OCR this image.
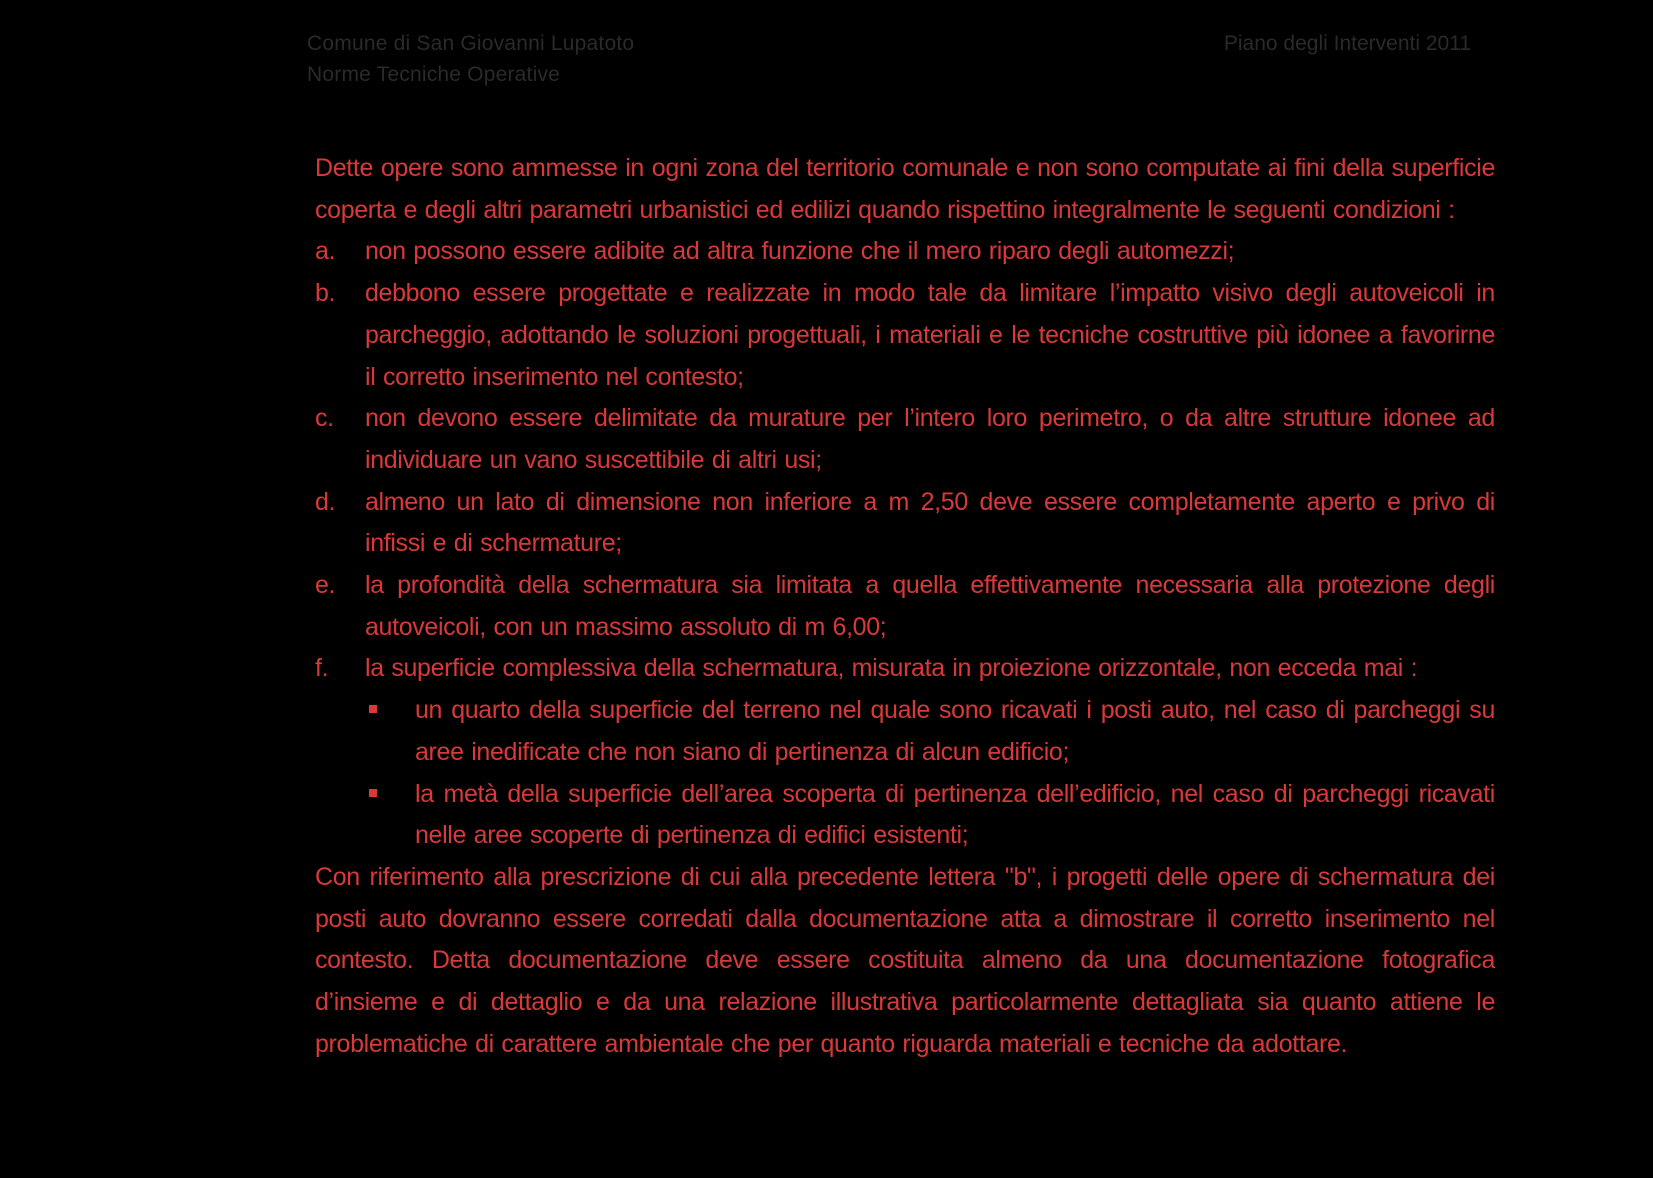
Comune di San Giovanni Lupatoto
Norme Tecniche Operative
Piano degli Interventi 2011

Dette opere sono ammesse in ogni zona del territorio comunale e non sono computate ai fini della superficie coperta e degli altri parametri urbanistici ed edilizi quando rispettino integralmente le seguenti condizioni :

a. non possono essere adibite ad altra funzione che il mero riparo degli automezzi;
b. debbono essere progettate e realizzate in modo tale da limitare l’impatto visivo degli autoveicoli in parcheggio, adottando le soluzioni progettuali, i materiali e le tecniche costruttive più idonee a favorirne il corretto inserimento nel contesto;
c. non devono essere delimitate da murature per l’intero loro perimetro, o da altre strutture idonee ad individuare un vano suscettibile di altri usi;
d. almeno un lato di dimensione non inferiore a m 2,50 deve essere completamente aperto e privo di infissi e di schermature;
e. la profondità della schermatura sia limitata a quella effettivamente necessaria alla protezione degli autoveicoli, con un massimo assoluto di m 6,00;
f. la superficie complessiva della schermatura, misurata in proiezione orizzontale, non ecceda mai :
un quarto della superficie del terreno nel quale sono ricavati i posti auto, nel caso di parcheggi su aree inedificate che non siano di pertinenza di alcun edificio;
la metà della superficie dell’area scoperta di pertinenza dell’edificio, nel caso di parcheggi ricavati nelle aree scoperte di pertinenza di edifici esistenti;

Con riferimento alla prescrizione di cui alla precedente lettera "b", i progetti delle opere di schermatura dei posti auto dovranno essere corredati dalla documentazione atta a dimostrare il corretto inserimento nel contesto. Detta documentazione deve essere costituita almeno da una documentazione fotografica d’insieme e di dettaglio e da una relazione illustrativa particolarmente dettagliata sia quanto attiene le problematiche di carattere ambientale che per quanto riguarda materiali e tecniche da adottare.
